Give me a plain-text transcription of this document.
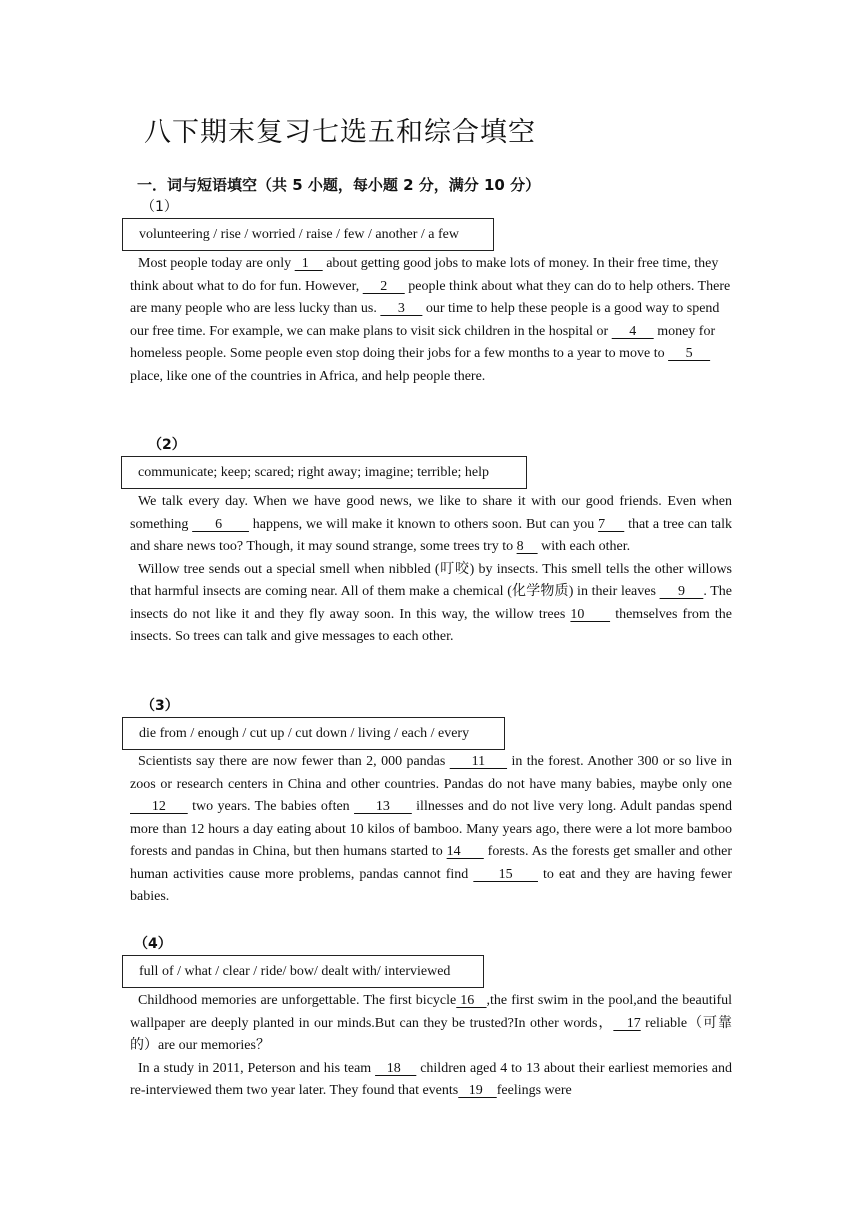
八下期末复习七选五和综合填空
一．词与短语填空（共 5 小题，每小题 2 分，满分 10 分）
（1）
volunteering / rise / worried / raise / few / another / a few

Most people today are only   1     about getting good jobs to make lots of money. In their free time, they think about what to do for fun. However,      2      people think about what they can do to help others. There are many people who are less lucky than us.      3      our time to help these people is a good way to spend our free time. For example, we can make plans to visit sick children in the hospital or      4      money for homeless people. Some people even stop doing their jobs for a few months to a year to move to      5      place, like one of the countries in Africa, and help people there.

（2）
communicate; keep; scared; right away; imagine; terrible; help

We talk every day. When we have good news, we like to share it with our good friends. Even when something       6        happens, we will make it known to others soon. But can you 7      that a tree can talk and share news too? Though, it may sound strange, some trees try to 8     with each other.

Willow tree sends out a special smell when nibbled (叮咬) by insects. This smell tells the other willows that harmful insects are coming near. All of them make a chemical (化学物质) in their leaves      9     . The insects do not like it and they fly away soon. In this way, the willow trees 10      themselves from the insects. So trees can talk and give messages to each other.

（3）
die from / enough / cut up / cut down / living / each / every

Scientists say there are now fewer than 2, 000 pandas      11      in the forest. Another 300 or so live in zoos or research centers in China and other countries. Pandas do not have many babies, maybe only one      12      two years. The babies often      13      illnesses and do not live very long. Adult pandas spend more than 12 hours a day eating about 10 kilos of bamboo. Many years ago, there were a lot more bamboo forests and pandas in China, but then humans started to 14       forests. As the forests get smaller and other human activities cause more problems, pandas cannot find      15      to eat and they are having fewer babies.

（4）
full of / what / clear / ride/ bow/ dealt with/ interviewed

Childhood memories are unforgettable. The first bicycle 16   ,the first swim in the pool,and the beautiful wallpaper are deeply planted in our minds.But can they be trusted?In other words，   17 reliable（可靠的）are our memories？

In a study in 2011, Peterson and his team    18     children aged 4 to 13 about their earliest memories and re-interviewed them two year later. They found that events   19    feelings were
